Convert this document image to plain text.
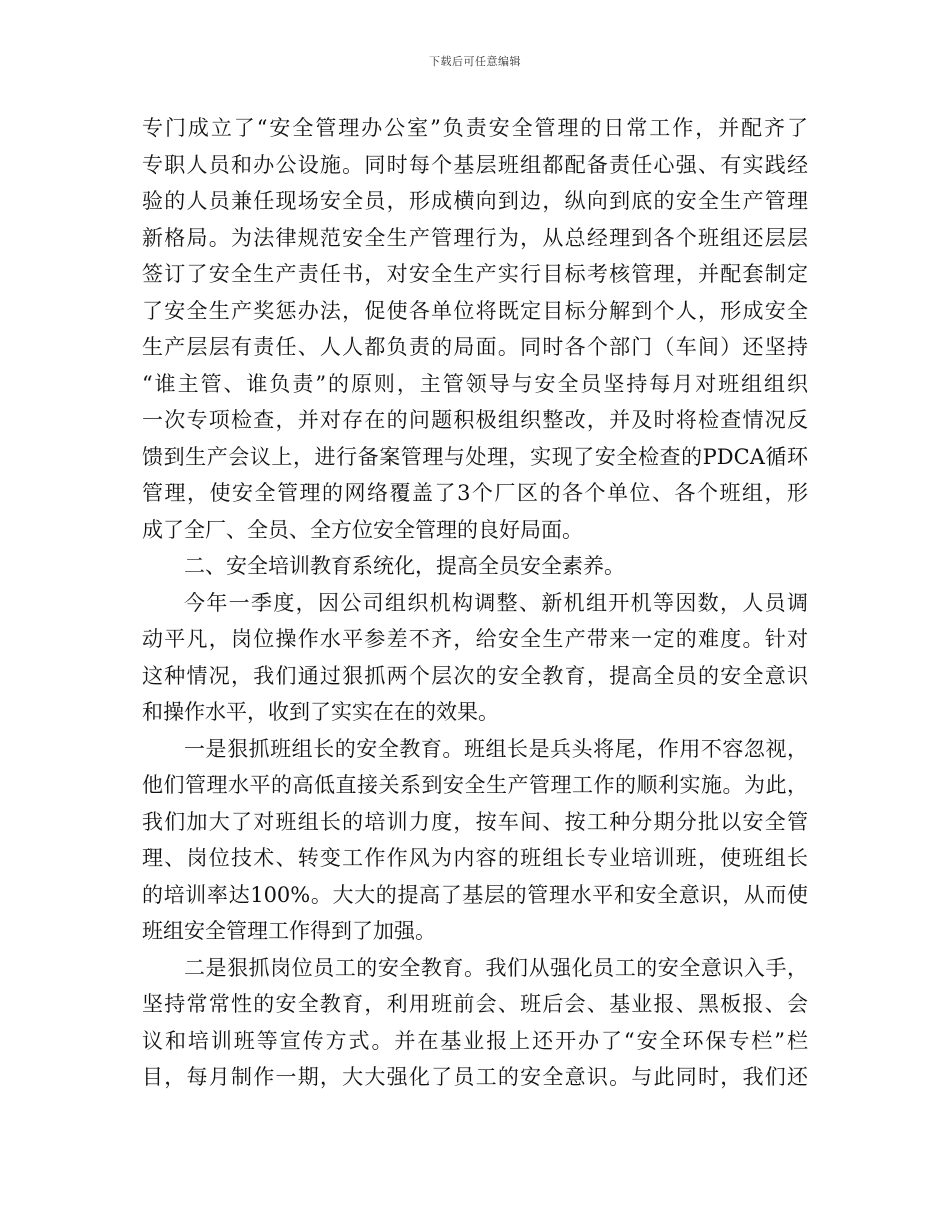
下载后可任意编辑
专门成立了“安全管理办公室”负责安全管理的日常工作，并配齐了
专职人员和办公设施。同时每个基层班组都配备责任心强、有实践经
验的人员兼任现场安全员，形成横向到边，纵向到底的安全生产管理
新格局。为法律规范安全生产管理行为，从总经理到各个班组还层层
签订了安全生产责任书，对安全生产实行目标考核管理，并配套制定
了安全生产奖惩办法，促使各单位将既定目标分解到个人，形成安全
生产层层有责任、人人都负责的局面。同时各个部门（车间）还坚持
“谁主管、谁负责”的原则，主管领导与安全员坚持每月对班组组织
一次专项检查，并对存在的问题积极组织整改，并及时将检查情况反
馈到生产会议上，进行备案管理与处理，实现了安全检查的PDCA循环
管理，使安全管理的网络覆盖了3个厂区的各个单位、各个班组，形
成了全厂、全员、全方位安全管理的良好局面。
二、安全培训教育系统化，提高全员安全素养。
今年一季度，因公司组织机构调整、新机组开机等因数，人员调
动平凡，岗位操作水平参差不齐，给安全生产带来一定的难度。针对
这种情况，我们通过狠抓两个层次的安全教育，提高全员的安全意识
和操作水平，收到了实实在在的效果。
一是狠抓班组长的安全教育。班组长是兵头将尾，作用不容忽视，
他们管理水平的高低直接关系到安全生产管理工作的顺利实施。为此，
我们加大了对班组长的培训力度，按车间、按工种分期分批以安全管
理、岗位技术、转变工作作风为内容的班组长专业培训班，使班组长
的培训率达100%。大大的提高了基层的管理水平和安全意识，从而使
班组安全管理工作得到了加强。
二是狠抓岗位员工的安全教育。我们从强化员工的安全意识入手，
坚持常常性的安全教育，利用班前会、班后会、基业报、黑板报、会
议和培训班等宣传方式。并在基业报上还开办了“安全环保专栏”栏
目，每月制作一期，大大强化了员工的安全意识。与此同时，我们还
